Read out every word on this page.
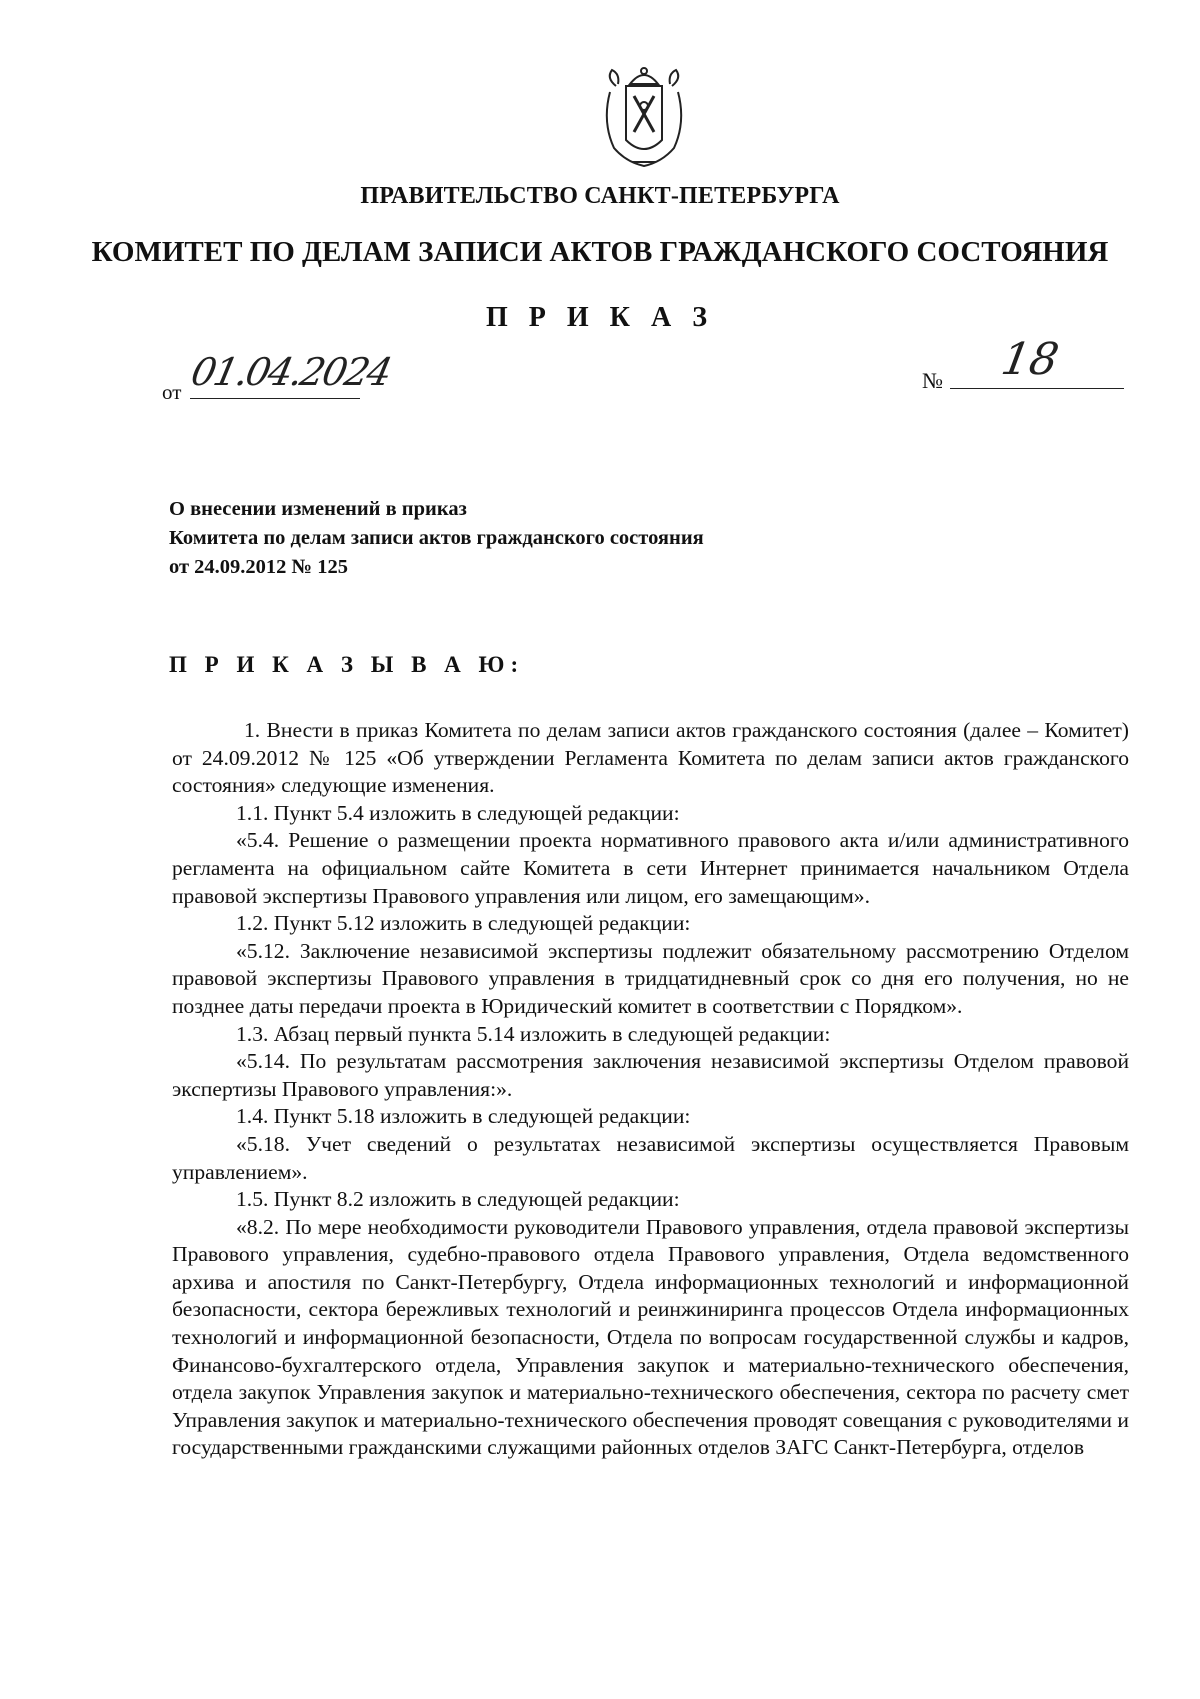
ПРАВИТЕЛЬСТВО САНКТ-ПЕТЕРБУРГА
КОМИТЕТ ПО ДЕЛАМ ЗАПИСИ АКТОВ ГРАЖДАНСКОГО СОСТОЯНИЯ
П Р И К А З
от 01.04.2024	№ 18
О внесении изменений в приказ
Комитета по делам записи актов гражданского состояния
от 24.09.2012 № 125
П Р И К А З Ы В А Ю:

1. Внести в приказ Комитета по делам записи актов гражданского состояния (далее – Комитет) от 24.09.2012 № 125 «Об утверждении Регламента Комитета по делам записи актов гражданского состояния» следующие изменения.

1.1. Пункт 5.4 изложить в следующей редакции:

«5.4. Решение о размещении проекта нормативного правового акта и/или административного регламента на официальном сайте Комитета в сети Интернет принимается начальником Отдела правовой экспертизы Правового управления или лицом, его замещающим».

1.2. Пункт 5.12 изложить в следующей редакции:

«5.12. Заключение независимой экспертизы подлежит обязательному рассмотрению Отделом правовой экспертизы Правового управления в тридцатидневный срок со дня его получения, но не позднее даты передачи проекта в Юридический комитет в соответствии с Порядком».

1.3. Абзац первый пункта 5.14 изложить в следующей редакции:

«5.14. По результатам рассмотрения заключения независимой экспертизы Отделом правовой экспертизы Правового управления:».

1.4. Пункт 5.18 изложить в следующей редакции:

«5.18. Учет сведений о результатах независимой экспертизы осуществляется Правовым управлением».

1.5. Пункт 8.2 изложить в следующей редакции:

«8.2. По мере необходимости руководители Правового управления, отдела правовой экспертизы Правового управления, судебно-правового отдела Правового управления, Отдела ведомственного архива и апостиля по Санкт-Петербургу, Отдела информационных технологий и информационной безопасности, сектора бережливых технологий и реинжиниринга процессов Отдела информационных технологий и информационной безопасности, Отдела по вопросам государственной службы и кадров, Финансово-бухгалтерского отдела, Управления закупок и материально-технического обеспечения, отдела закупок Управления закупок и материально-технического обеспечения, сектора по расчету смет Управления закупок и материально-технического обеспечения проводят совещания с руководителями и государственными гражданскими служащими районных отделов ЗАГС Санкт-Петербурга, отделов
